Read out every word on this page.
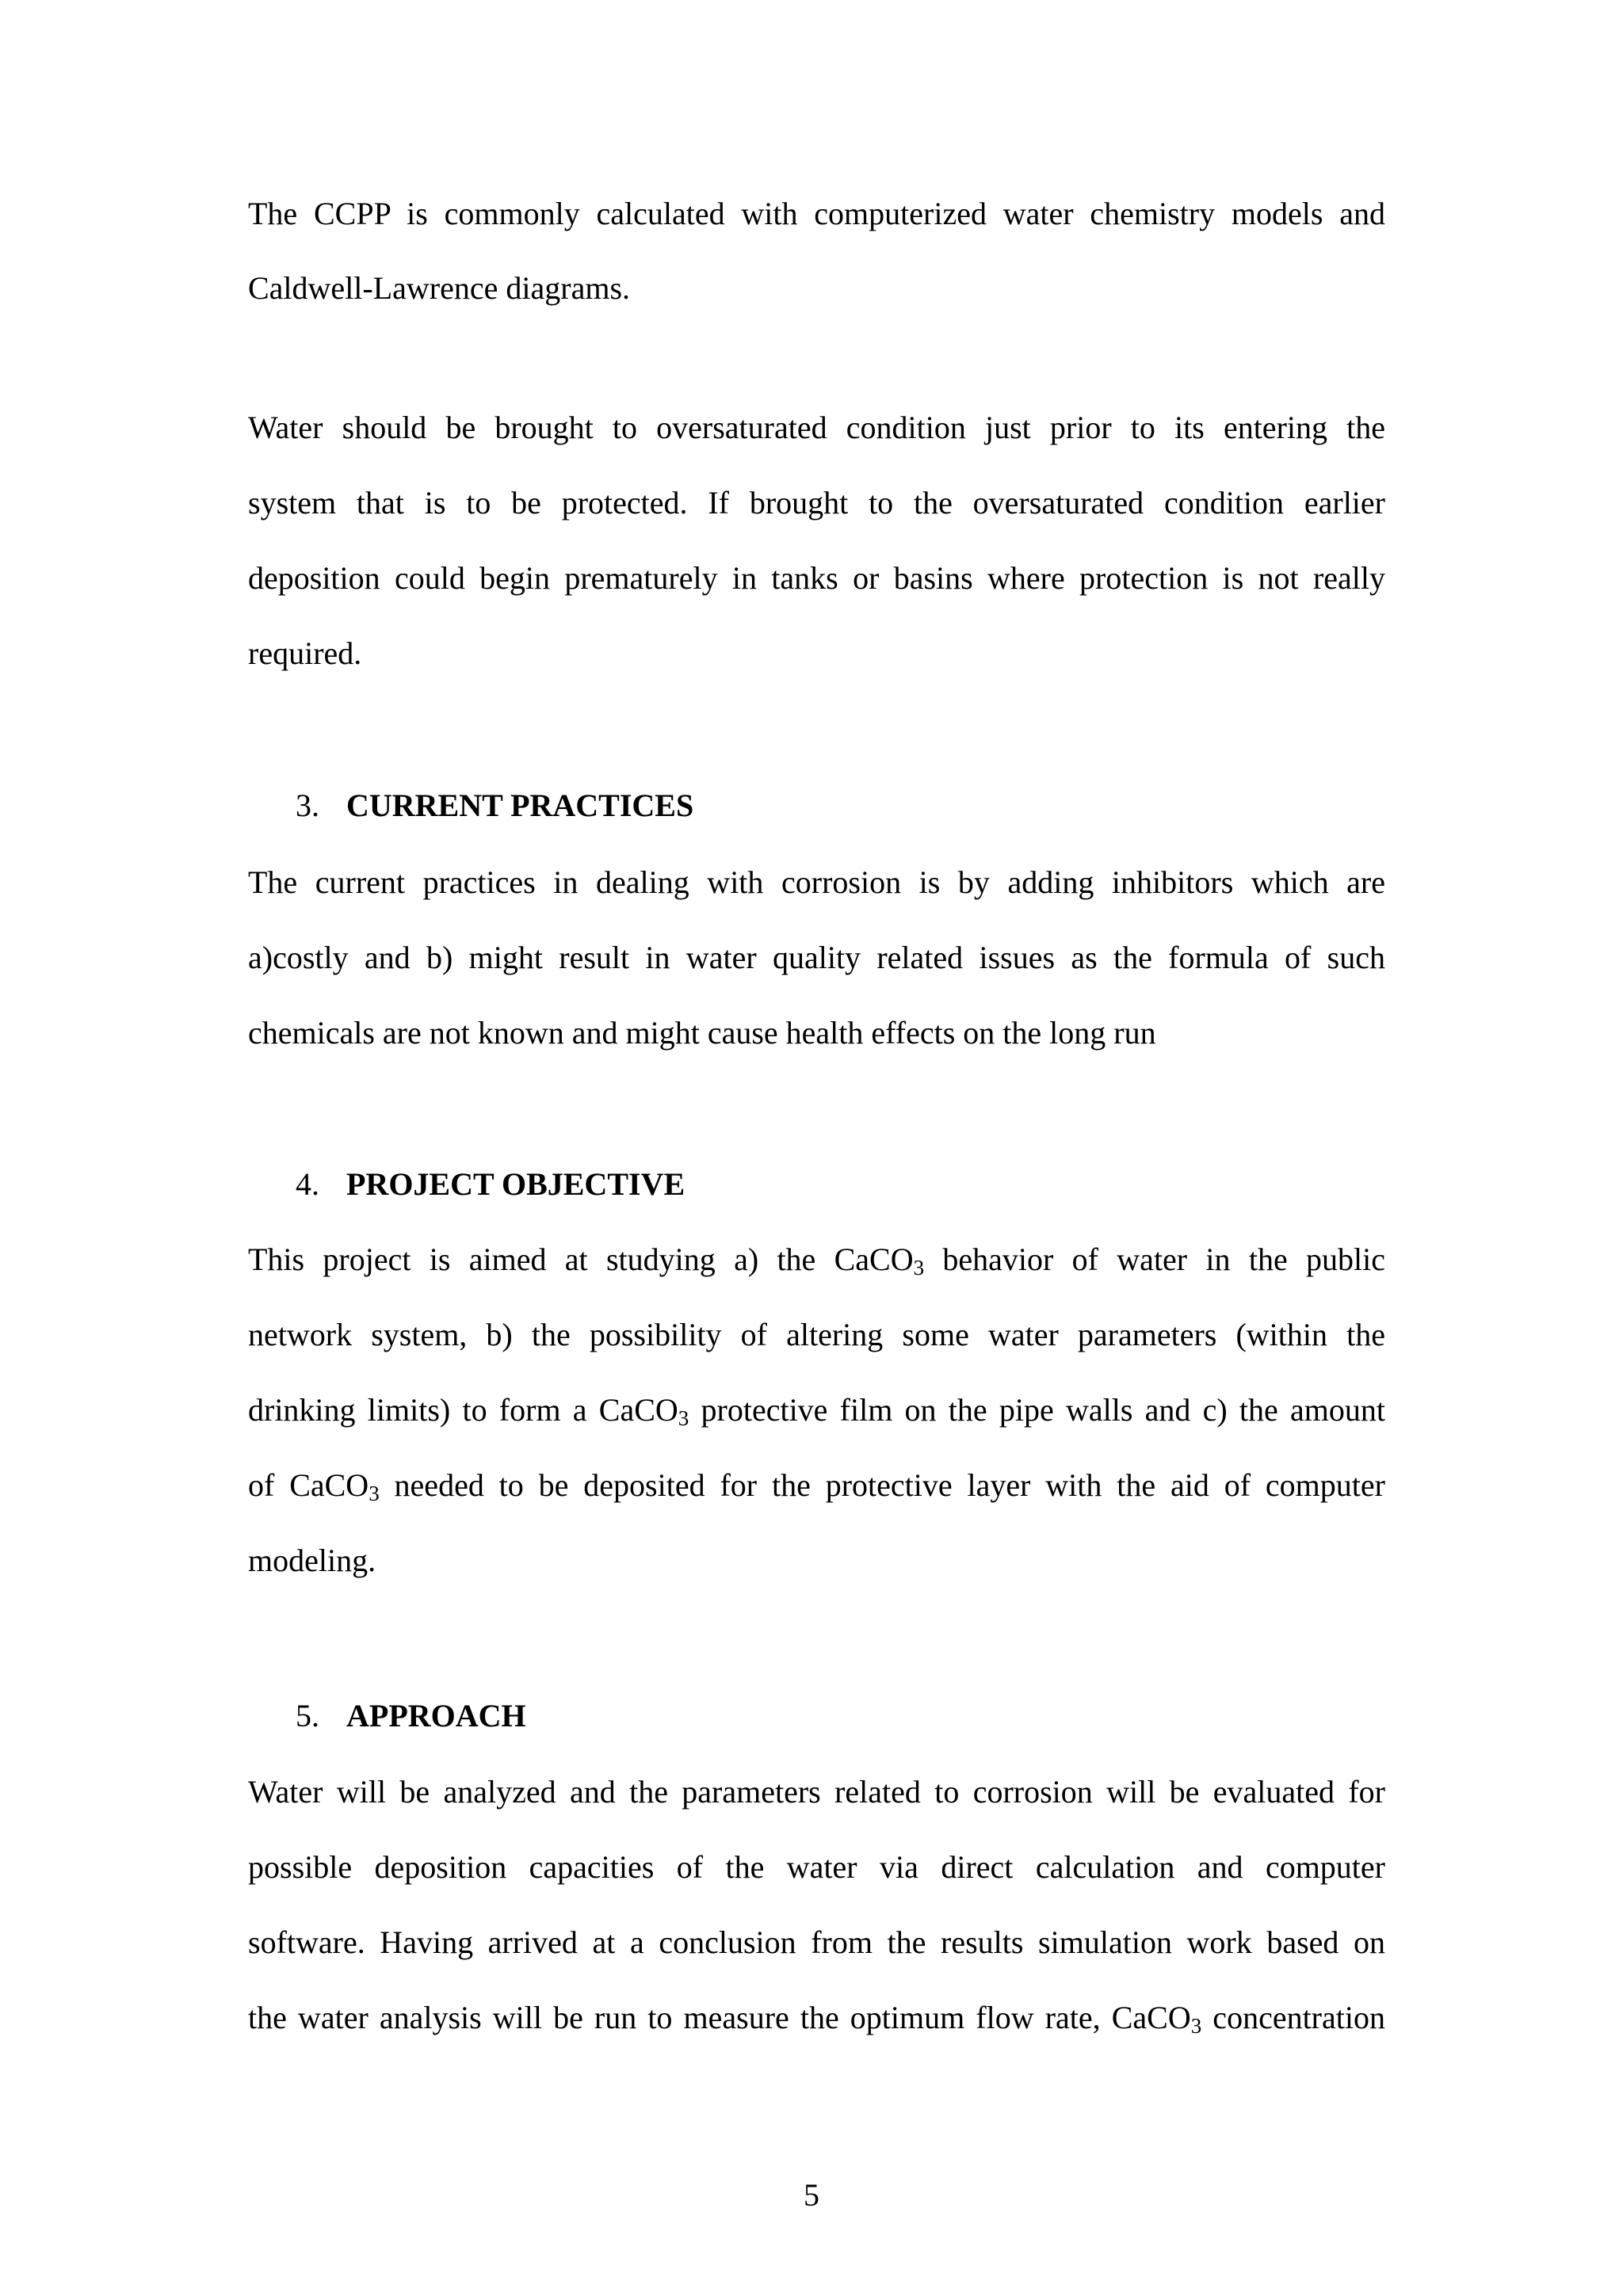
The CCPP is commonly calculated with computerized water chemistry models and
Caldwell-Lawrence diagrams.
Water should be brought to oversaturated condition just prior to its entering the
system that is to be protected. If brought to the oversaturated condition earlier
deposition could begin prematurely in tanks or basins where protection is not really
required.
3. CURRENT PRACTICES
The current practices in dealing with corrosion is by adding inhibitors which are
a)costly and b) might result in water quality related issues as the formula of such
chemicals are not known and might cause health effects on the long run
4. PROJECT OBJECTIVE
This project is aimed at studying a) the CaCO$_3$ behavior of water in the public
network system, b) the possibility of altering some water parameters (within the
drinking limits) to form a CaCO$_3$ protective film on the pipe walls and c) the amount
of CaCO$_3$ needed to be deposited for the protective layer with the aid of computer
modeling.
5. APPROACH
Water will be analyzed and the parameters related to corrosion will be evaluated for
possible deposition capacities of the water via direct calculation and computer
software. Having arrived at a conclusion from the results simulation work based on
the water analysis will be run to measure the optimum flow rate, CaCO$_3$ concentration
5
